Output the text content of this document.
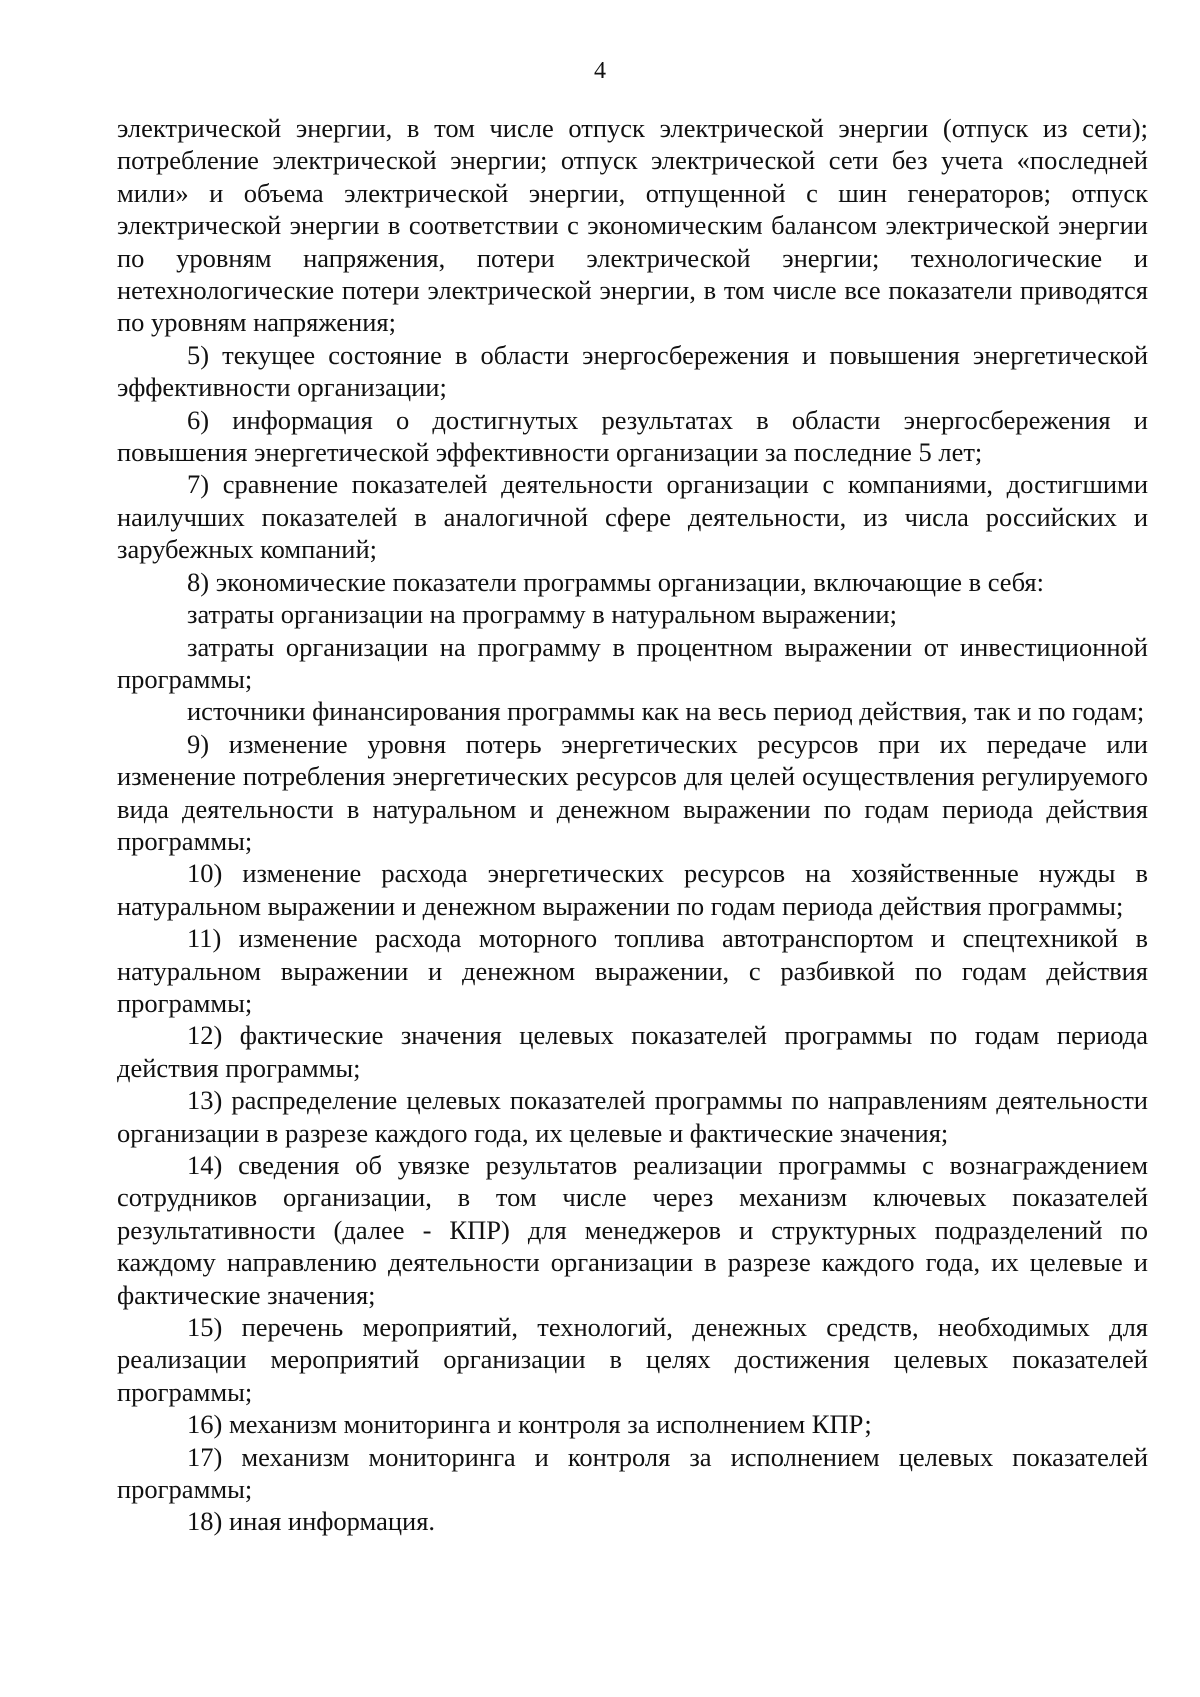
4

электрической энергии, в том числе отпуск электрической энергии (отпуск из сети); потребление электрической энергии; отпуск электрической сети без учета «последней мили» и объема электрической энергии, отпущенной с шин генераторов; отпуск электрической энергии в соответствии с экономическим балансом электрической энергии по уровням напряжения, потери электрической энергии; технологические и нетехнологические потери электрической энергии, в том числе все показатели приводятся по уровням напряжения;

5) текущее состояние в области энергосбережения и повышения энергетической эффективности организации;

6) информация о достигнутых результатах в области энергосбережения и повышения энергетической эффективности организации за последние 5 лет;

7) сравнение показателей деятельности организации с компаниями, достигшими наилучших показателей в аналогичной сфере деятельности, из числа российских и зарубежных компаний;

8) экономические показатели программы организации, включающие в себя:

затраты организации на программу в натуральном выражении;

затраты организации на программу в процентном выражении от инвестиционной программы;

источники финансирования программы как на весь период действия, так и по годам;

9) изменение уровня потерь энергетических ресурсов при их передаче или изменение потребления энергетических ресурсов для целей осуществления регулируемого вида деятельности в натуральном и денежном выражении по годам периода действия программы;

10) изменение расхода энергетических ресурсов на хозяйственные нужды в натуральном выражении и денежном выражении по годам периода действия программы;

11) изменение расхода моторного топлива автотранспортом и спецтехникой в натуральном выражении и денежном выражении, с разбивкой по годам действия программы;

12) фактические значения целевых показателей программы по годам периода действия программы;

13) распределение целевых показателей программы по направлениям деятельности организации в разрезе каждого года, их целевые и фактические значения;

14) сведения об увязке результатов реализации программы с вознаграждением сотрудников организации, в том числе через механизм ключевых показателей результативности (далее - КПР) для менеджеров и структурных подразделений по каждому направлению деятельности организации в разрезе каждого года, их целевые и фактические значения;

15) перечень мероприятий, технологий, денежных средств, необходимых для реализации мероприятий организации в целях достижения целевых показателей программы;

16) механизм мониторинга и контроля за исполнением КПР;

17) механизм мониторинга и контроля за исполнением целевых показателей программы;

18) иная информация.
